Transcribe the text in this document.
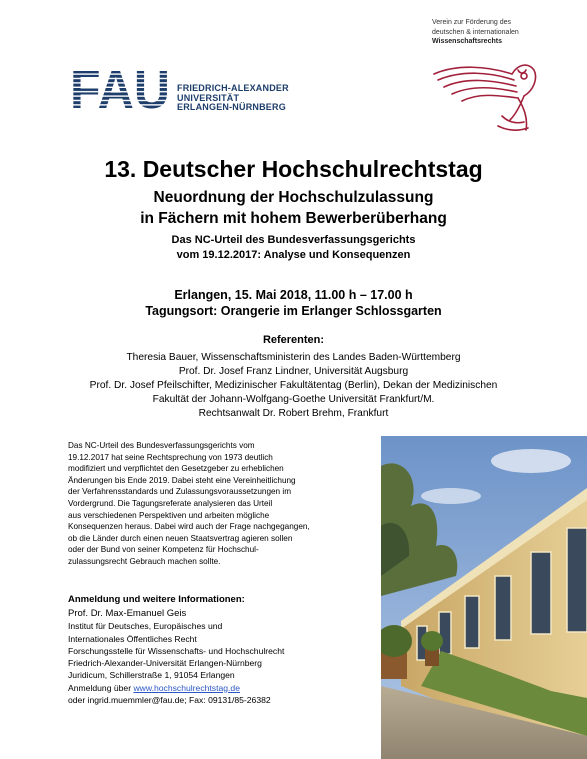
FAU FRIEDRICH-ALEXANDER
UNIVERSITÄT
ERLANGEN-NÜRNBERG
Verein zur Förderung des
deutschen & internationalen
Wissenschaftsrechts
13. Deutscher Hochschulrechtstag
Neuordnung der Hochschulzulassung
in Fächern mit hohem Bewerberüberhang
Das NC-Urteil des Bundesverfassungsgerichts
vom 19.12.2017: Analyse und Konsequenzen
Erlangen, 15. Mai 2018, 11.00 h – 17.00 h
Tagungsort: Orangerie im Erlanger Schlossgarten
Referenten:
Theresia Bauer, Wissenschaftsministerin des Landes Baden-Württemberg
Prof. Dr. Josef Franz Lindner, Universität Augsburg
Prof. Dr. Josef Pfeilschifter, Medizinischer Fakultätentag (Berlin), Dekan der Medizinischen
Fakultät der Johann-Wolfgang-Goethe Universität Frankfurt/M.
Rechtsanwalt Dr. Robert Brehm, Frankfurt
Das NC-Urteil des Bundesverfassungsgerichts vom
19.12.2017 hat seine Rechtsprechung von 1973 deutlich
modifiziert und verpflichtet den Gesetzgeber zu erheblichen
Änderungen bis Ende 2019. Dabei steht eine Vereinheitlichung
der Verfahrensstandards und Zulassungsvoraussetzungen im
Vordergrund. Die Tagungsreferate analysieren das Urteil
aus verschiedenen Perspektiven und arbeiten mögliche
Konsequenzen heraus. Dabei wird auch der Frage nachgegangen,
ob die Länder durch einen neuen Staatsvertrag agieren sollen
oder der Bund von seiner Kompetenz für Hochschul-
zulassungsrecht Gebrauch machen sollte.
Anmeldung und weitere Informationen:
Prof. Dr. Max-Emanuel Geis
Institut für Deutsches, Europäisches und
Internationales Öffentliches Recht
Forschungsstelle für Wissenschafts- und Hochschulrecht
Friedrich-Alexander-Universität Erlangen-Nürnberg
Juridicum, Schillerstraße 1, 91054 Erlangen
Anmeldung über www.hochschulrechtstag.de
oder ingrid.muemmler@fau.de; Fax: 09131/85-26382
